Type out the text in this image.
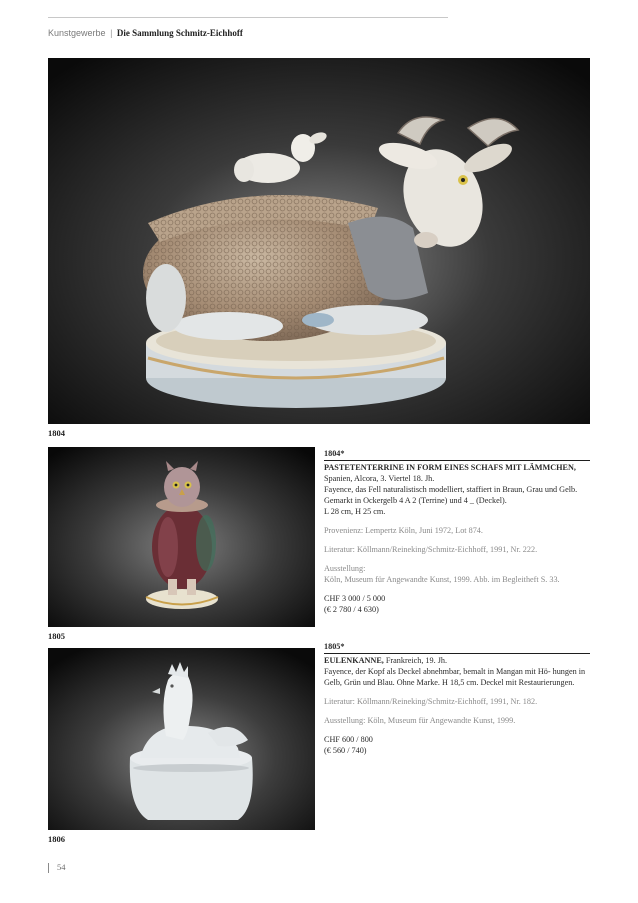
Kunstgewerbe | Die Sammlung Schmitz-Eichhoff
1804
1805
1806
1804*

PASTETENTERRINE IN FORM EINES SCHAFS MIT LÄMMCHEN, Spanien, Alcora, 3. Viertel 18. Jh.

Fayence, das Fell naturalistisch modelliert, staffiert in Braun, Grau und Gelb. Gemarkt in Ockergelb 4 A 2 (Terrine) und 4 _ (Deckel).

L 28 cm, H 25 cm.

Provenienz: Lempertz Köln, Juni 1972, Lot 874.

Literatur: Köllmann/Reineking/Schmitz-Eichhoff, 1991, Nr. 222.

Ausstellung:
Köln, Museum für Angewandte Kunst, 1999. Abb. im Begleitheft S. 33.

CHF 3 000 / 5 000

(€ 2 780 / 4 630)

1805*

EULENKANNE, Frankreich, 19. Jh.

Fayence, der Kopf als Deckel abnehmbar, bemalt in Mangan mit Hö- hungen in Gelb, Grün und Blau. Ohne Marke. H 18,5 cm. Deckel mit Restaurierungen.

Literatur: Köllmann/Reineking/Schmitz-Eichhoff, 1991, Nr. 182.

Ausstellung: Köln, Museum für Angewandte Kunst, 1999.

CHF 600 / 800

(€ 560 / 740)

54
